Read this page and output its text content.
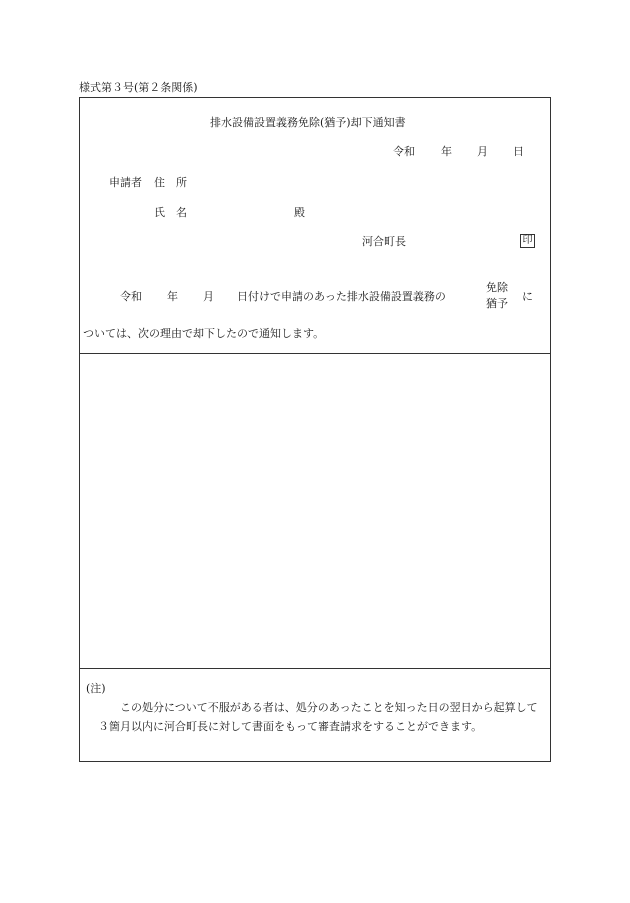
様式第３号(第２条関係)
排水設備設置義務免除(猶予)却下通知書
令和 年 月 日
申請者 住　所
氏　名	殿
河合町長	印
令和 年 月 日付けで申請のあった排水設備設置義務の
免除
猶予
に
ついては、次の理由で却下したので通知します。
(注)
この処分について不服がある者は、処分のあったことを知った日の翌日から起算して
３箇月以内に河合町長に対して書面をもって審査請求をすることができます。
